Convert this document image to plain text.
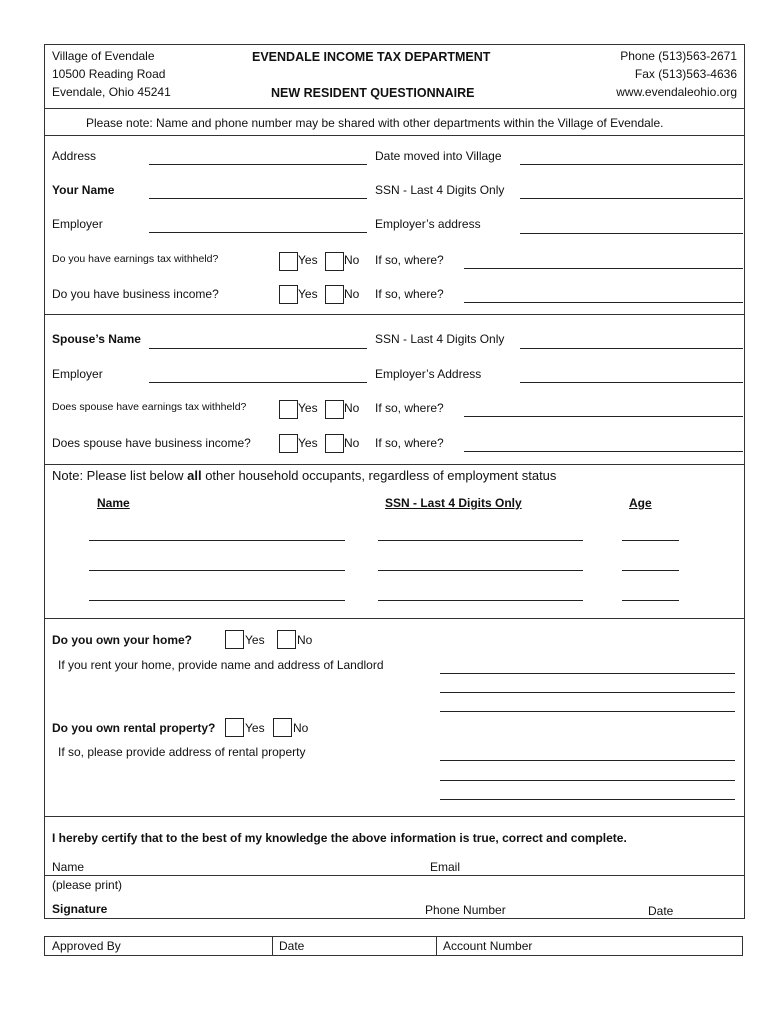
Village of Evendale
10500 Reading Road
Evendale, Ohio 45241
EVENDALE INCOME TAX DEPARTMENT
NEW RESIDENT QUESTIONNAIRE
Phone (513)563-2671
Fax (513)563-4636
www.evendaleohio.org
Please note: Name and phone number may be shared with other departments within the Village of Evendale.
Address	Date moved into Village
Your Name	SSN - Last 4 Digits Only
Employer	Employer’s address
Do you have earnings tax withheld?	Yes No If so, where?
Do you have business income?	Yes No If so, where?
Spouse’s Name	SSN - Last 4 Digits Only
Employer	Employer’s Address
Does spouse have earnings tax withheld?	Yes No If so, where?
Does spouse have business income?	Yes No If so, where?
Note: Please list below all other household occupants, regardless of employment status
Name	SSN - Last 4 Digits Only	Age
Do you own your home?	Yes	No
If you rent your home, provide name and address of Landlord
Do you own rental property? Yes No
If so, please provide address of rental property
I hereby certify that to the best of my knowledge the above information is true, correct and complete.
Name	Email
(please print)
Signature	Phone Number	Date
Approved By	Date	Account Number
